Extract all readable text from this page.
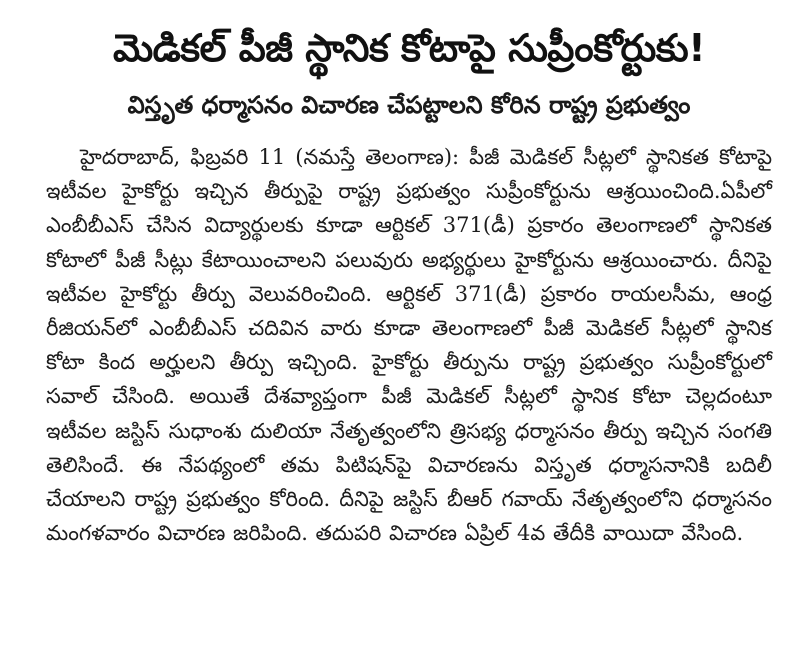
మెడికల్ పీజీ స్థానిక కోటాపై సుప్రీంకోర్టుకు!
విస్తృత ధర్మాసనం విచారణ చేపట్టాలని కోరిన రాష్ట్ర ప్రభుత్వం

హైదరాబాద్, ఫిబ్రవరి 11 (నమస్తే తెలంగాణ): పీజీ మెడికల్ సీట్లలో స్థానికత కోటాపై ఇటీవల హైకోర్టు ఇచ్చిన తీర్పుపై రాష్ట్ర ప్రభుత్వం సుప్రీంకోర్టును ఆశ్రయించింది.ఏపీలో ఎంబీబీఎస్ చేసిన విద్యార్థులకు కూడా ఆర్టికల్ 371(డీ) ప్రకారం తెలంగాణలో స్థానికత కోటాలో పీజీ సీట్లు కేటాయించాలని పలువురు అభ్యర్థులు హైకోర్టును ఆశ్రయించారు. దీనిపై ఇటీవల హైకోర్టు తీర్పు వెలువరించింది. ఆర్టికల్ 371(డీ) ప్రకారం రాయలసీమ, ఆంధ్ర రీజియన్‌లో ఎంబీబీఎస్ చదివిన వారు కూడా తెలంగాణలో పీజీ మెడికల్ సీట్లలో స్థానిక కోటా కింద అర్హులని తీర్పు ఇచ్చింది. హైకోర్టు తీర్పును రాష్ట్ర ప్రభుత్వం సుప్రీంకోర్టులో సవాల్ చేసింది. అయితే దేశవ్యాప్తంగా పీజీ మెడికల్ సీట్లలో స్థానిక కోటా చెల్లదంటూ ఇటీవల జస్టిస్ సుధాంశు దులియా నేతృత్వంలోని త్రిసభ్య ధర్మాసనం తీర్పు ఇచ్చిన సంగతి తెలిసిందే. ఈ నేపథ్యంలో తమ పిటిషన్‌పై విచారణను విస్తృత ధర్మాసనానికి బదిలీ చేయాలని రాష్ట్ర ప్రభుత్వం కోరింది. దీనిపై జస్టిస్ బీఆర్ గవాయ్ నేతృత్వంలోని ధర్మాసనం మంగళవారం విచారణ జరిపింది. తదుపరి విచారణ ఏప్రిల్ 4వ తేదీకి వాయిదా వేసింది.
